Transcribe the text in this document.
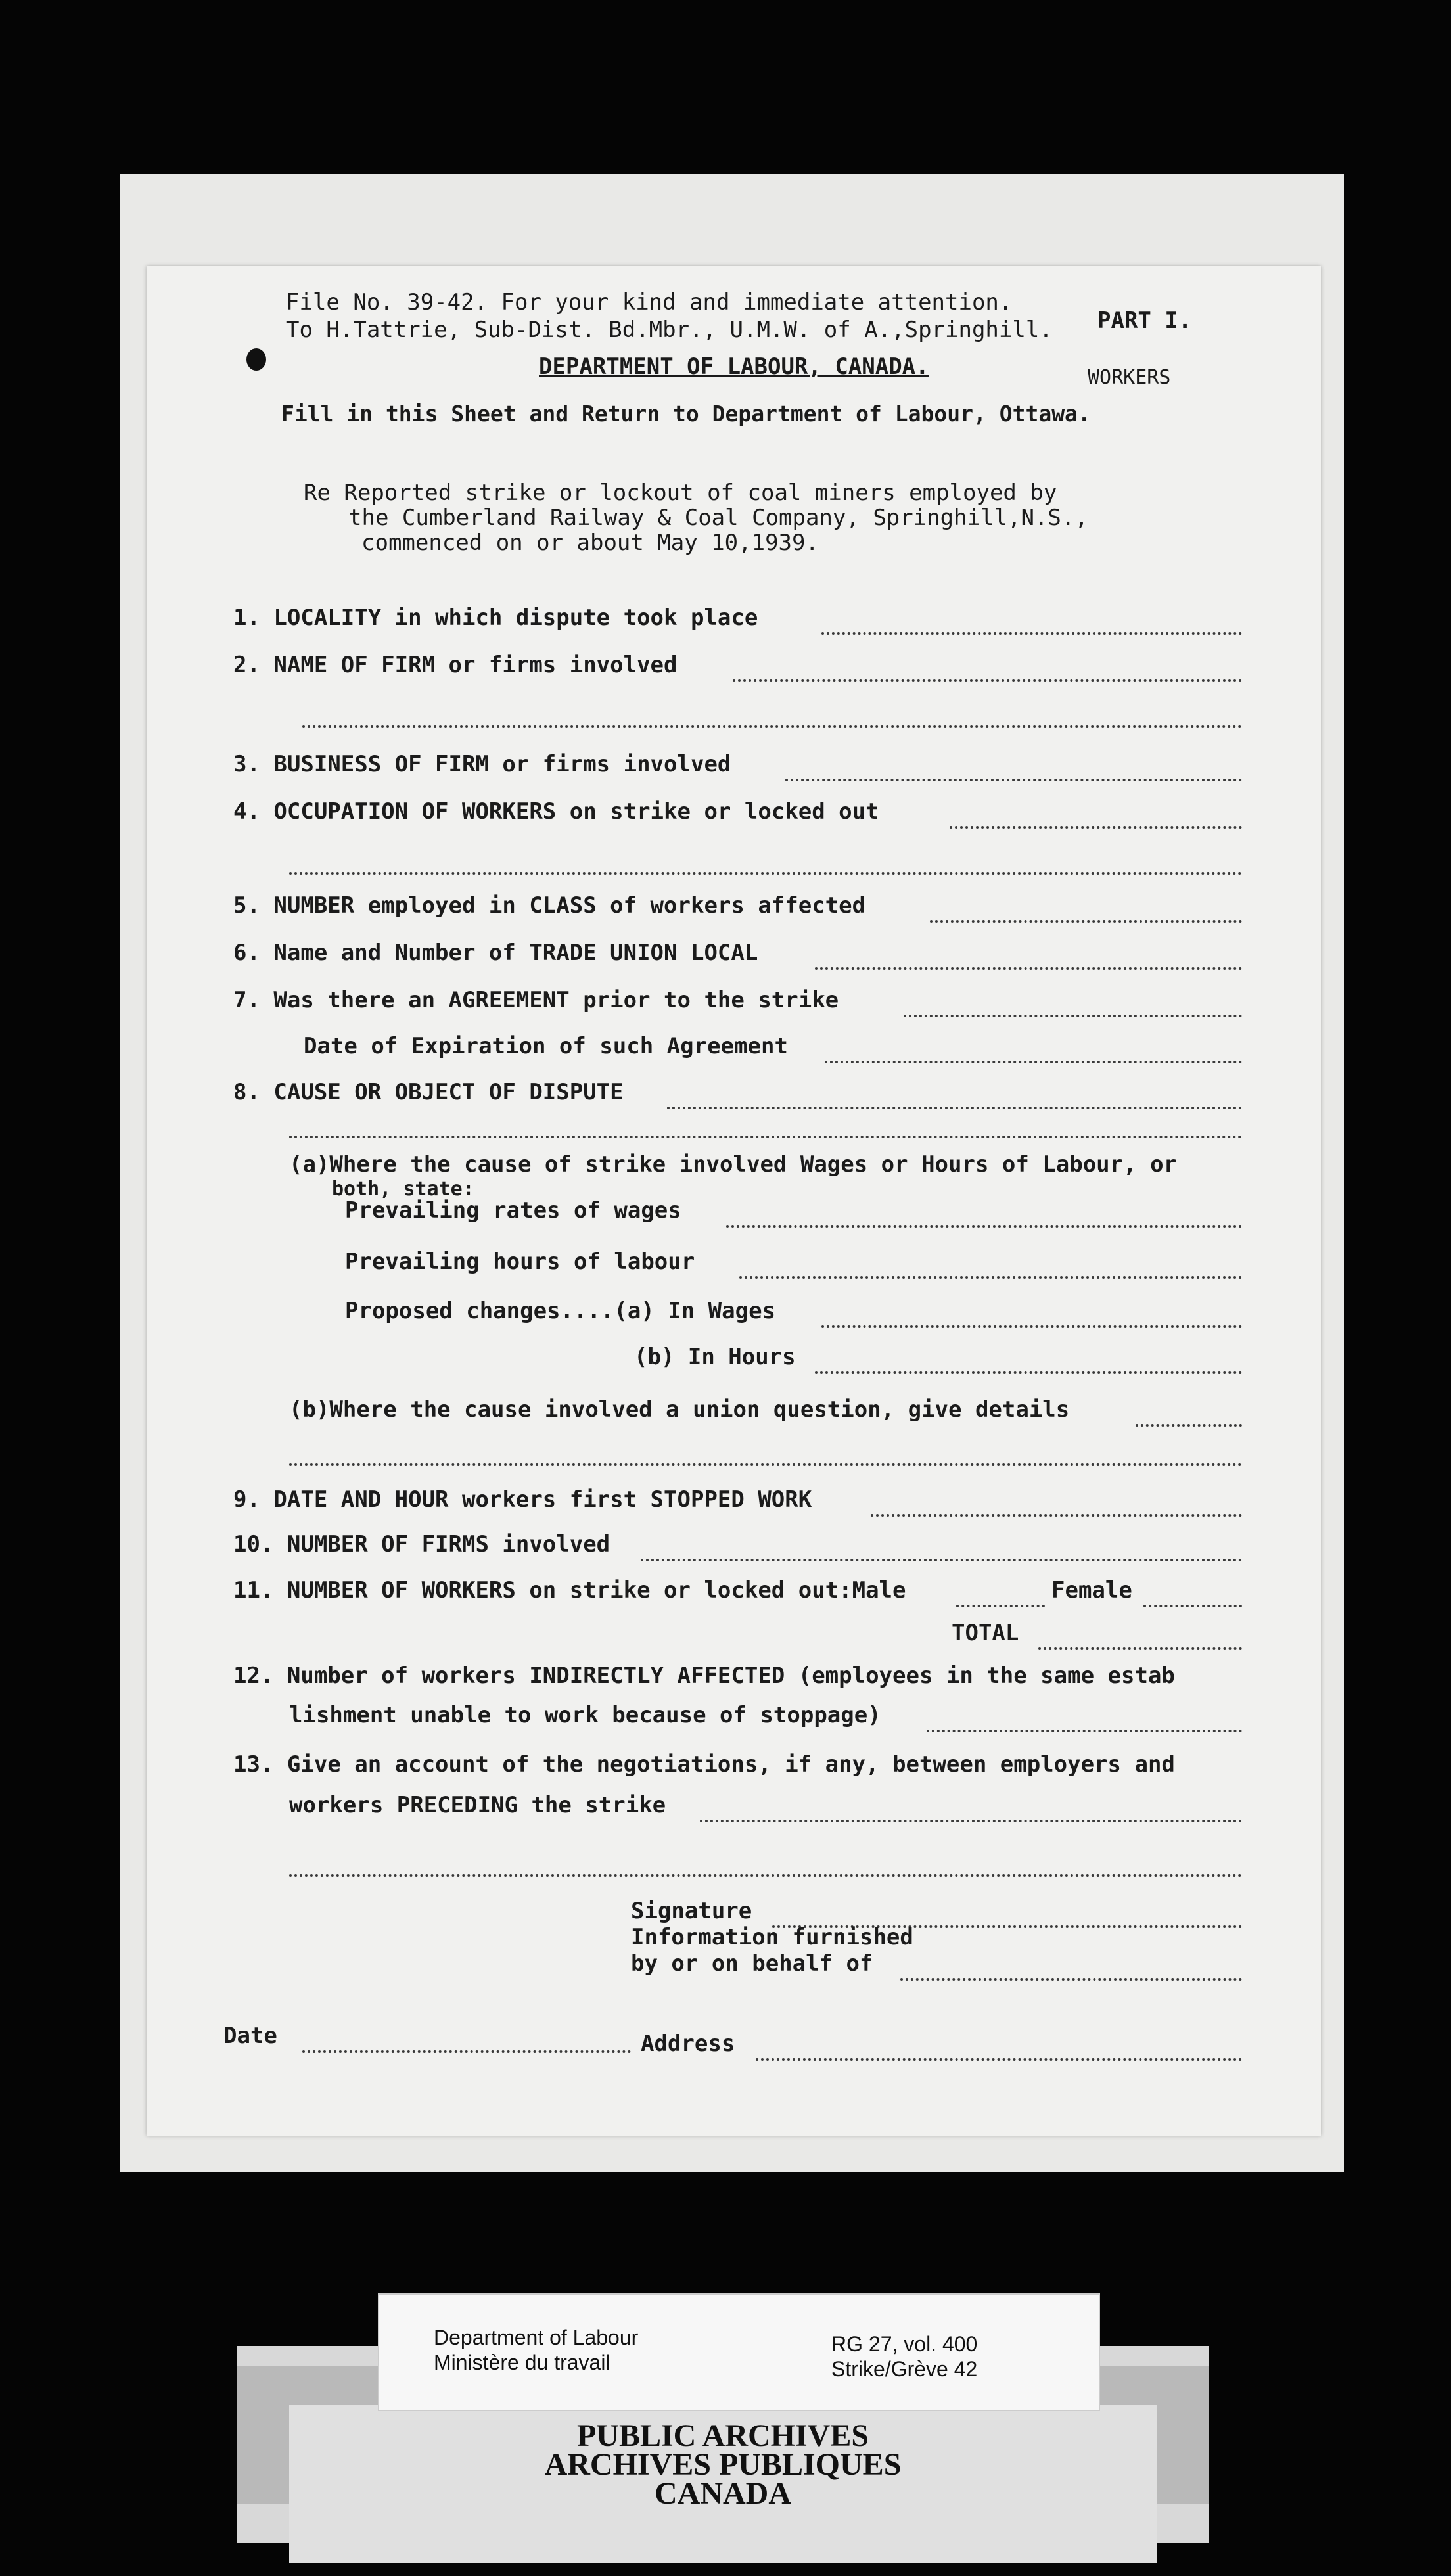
File No. 39-42. For your kind and immediate attention.

To H.Tattrie, Sub-Dist. Bd.Mbr., U.M.W. of A.,Springhill. PART I.

DEPARTMENT OF LABOUR, CANADA.	WORKERS

Fill in this Sheet and Return to Department of Labour, Ottawa.

Re Reported strike or lockout of coal miners employed by

the Cumberland Railway & Coal Company, Springhill,N.S.,

commenced on or about May 10,1939.

1. LOCALITY in which dispute took place

2. NAME OF FIRM or firms involved

3. BUSINESS OF FIRM or firms involved

4. OCCUPATION OF WORKERS on strike or locked out

5. NUMBER employed in CLASS of workers affected

6. Name and Number of TRADE UNION LOCAL

7. Was there an AGREEMENT prior to the strike

Date of Expiration of such Agreement

8. CAUSE OR OBJECT OF DISPUTE

(a)Where the cause of strike involved Wages or Hours of Labour, or

both, state:

Prevailing rates of wages

Prevailing hours of labour

Proposed changes....(a) In Wages

(b) In Hours

(b)Where the cause involved a union question, give details

9. DATE AND HOUR workers first STOPPED WORK

10. NUMBER OF FIRMS involved

11. NUMBER OF WORKERS on strike or locked out:Male	Female

TOTAL

12. Number of workers INDIRECTLY AFFECTED (employees in the same estab

lishment unable to work because of stoppage)

13. Give an account of the negotiations, if any, between employers and

workers PRECEDING the strike

Signature

Information furnished

by or on behalf of

Date	Address

Department of Labour

Ministère du travail

RG 27, vol. 400

Strike/Grève 42

PUBLIC ARCHIVES

ARCHIVES PUBLIQUES

CANADA
